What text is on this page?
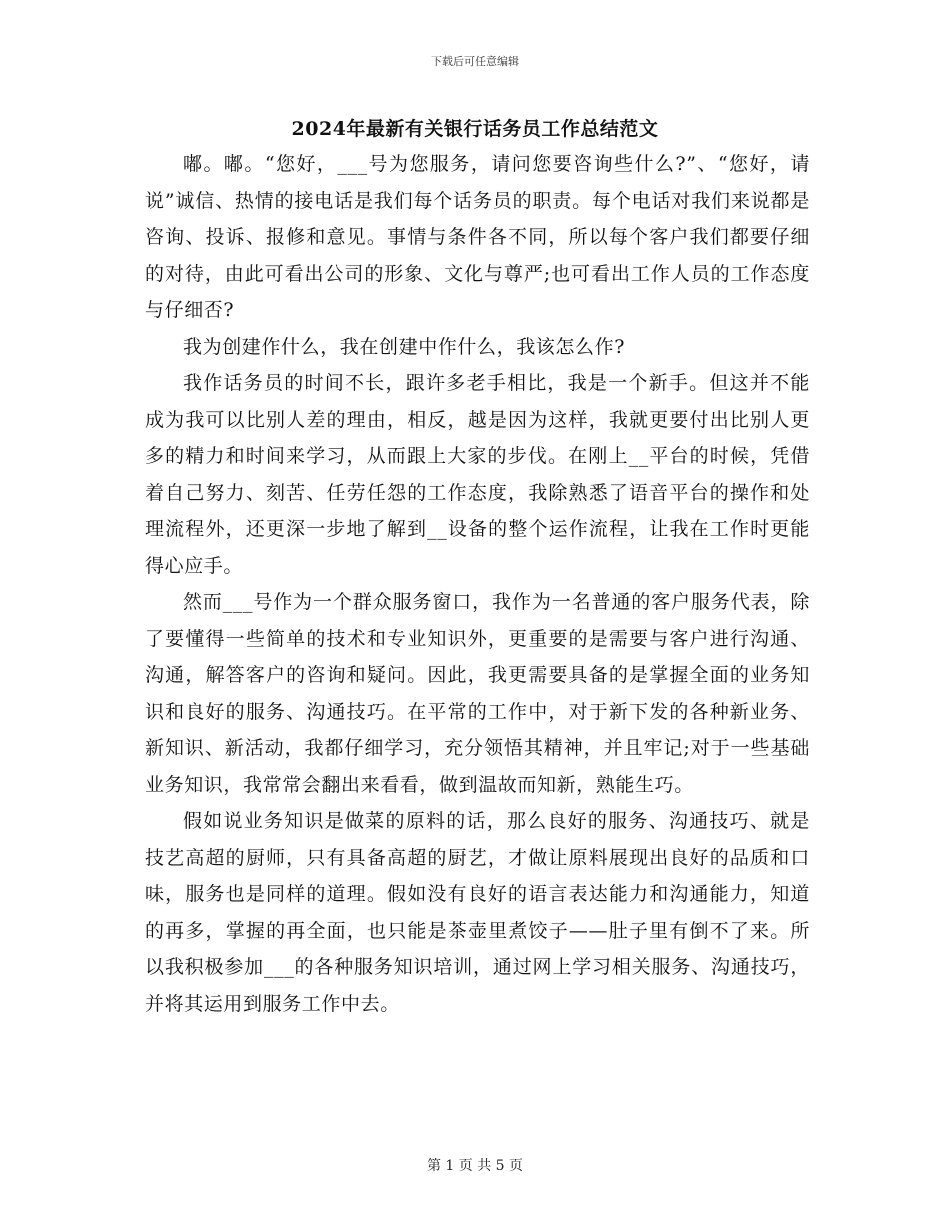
下载后可任意编辑
2024年最新有关银行话务员工作总结范文

嘟。嘟。“您好，___号为您服务，请问您要咨询些什么?”、“您好，请说”诚信、热情的接电话是我们每个话务员的职责。每个电话对我们来说都是咨询、投诉、报修和意见。事情与条件各不同，所以每个客户我们都要仔细的对待，由此可看出公司的形象、文化与尊严;也可看出工作人员的工作态度与仔细否?

我为创建作什么，我在创建中作什么，我该怎么作?

我作话务员的时间不长，跟许多老手相比，我是一个新手。但这并不能成为我可以比别人差的理由，相反，越是因为这样，我就更要付出比别人更多的精力和时间来学习，从而跟上大家的步伐。在刚上__平台的时候，凭借着自己努力、刻苦、任劳任怨的工作态度，我除熟悉了语音平台的操作和处理流程外，还更深一步地了解到__设备的整个运作流程，让我在工作时更能得心应手。

然而___号作为一个群众服务窗口，我作为一名普通的客户服务代表，除了要懂得一些简单的技术和专业知识外，更重要的是需要与客户进行沟通、沟通，解答客户的咨询和疑问。因此，我更需要具备的是掌握全面的业务知识和良好的服务、沟通技巧。在平常的工作中，对于新下发的各种新业务、新知识、新活动，我都仔细学习，充分领悟其精神，并且牢记;对于一些基础业务知识，我常常会翻出来看看，做到温故而知新，熟能生巧。

假如说业务知识是做菜的原料的话，那么良好的服务、沟通技巧、就是技艺高超的厨师，只有具备高超的厨艺，才做让原料展现出良好的品质和口味，服务也是同样的道理。假如没有良好的语言表达能力和沟通能力，知道的再多，掌握的再全面，也只能是茶壶里煮饺子——肚子里有倒不了来。所以我积极参加___的各种服务知识培训，通过网上学习相关服务、沟通技巧，并将其运用到服务工作中去。

第 1 页 共 5 页
